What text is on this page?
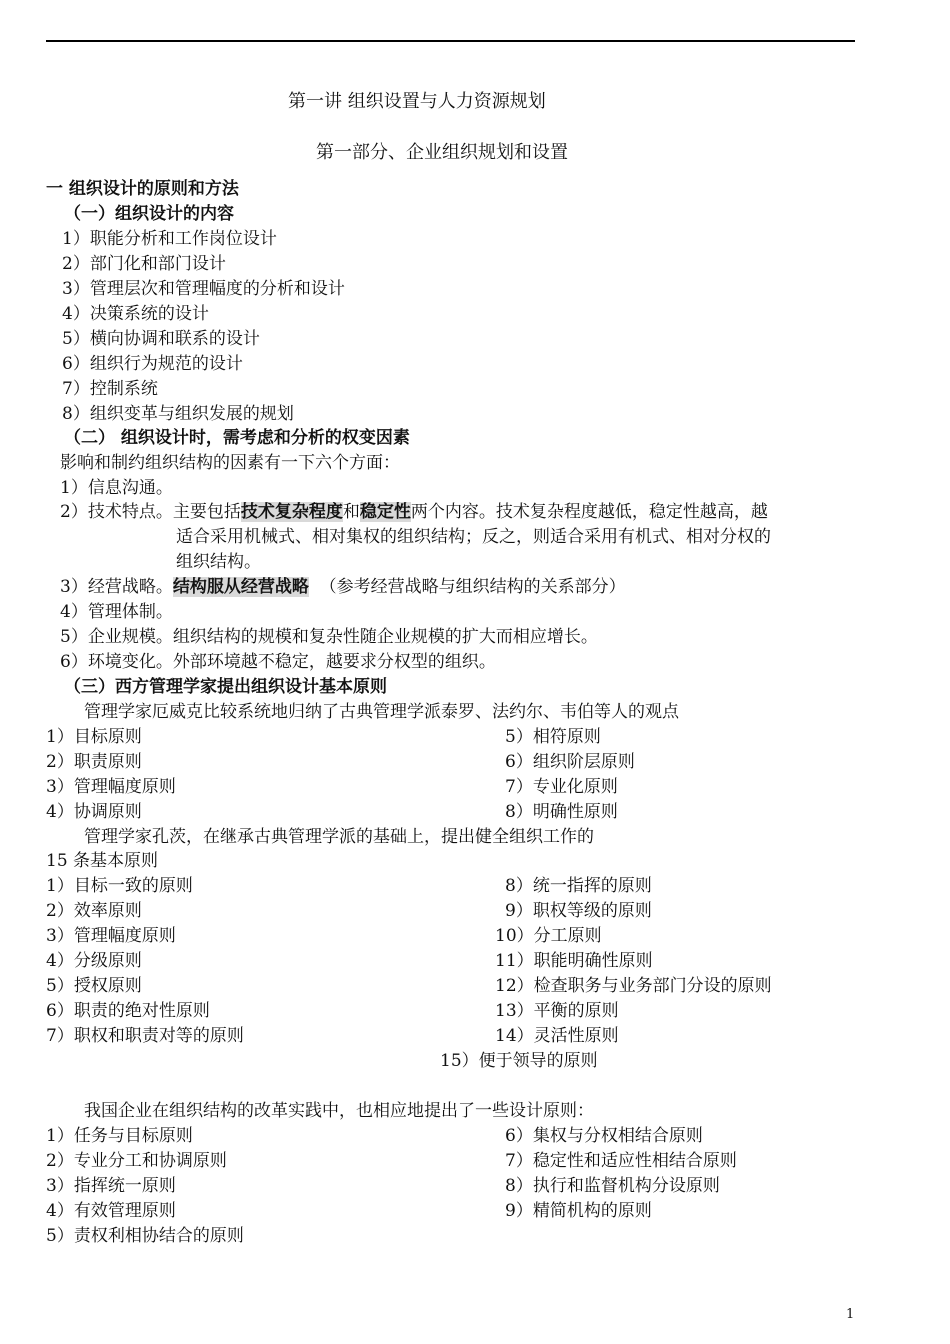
第一讲 组织设置与人力资源规划
第一部分、企业组织规划和设置
一 组织设计的原则和方法
（一）组织设计的内容
1）职能分析和工作岗位设计
2）部门化和部门设计
3）管理层次和管理幅度的分析和设计
4）决策系统的设计
5）横向协调和联系的设计
6）组织行为规范的设计
7）控制系统
8）组织变革与组织发展的规划
（二） 组织设计时，需考虑和分析的权变因素
影响和制约组织结构的因素有一下六个方面：
1）信息沟通。
2）技术特点。主要包括技术复杂程度和稳定性两个内容。技术复杂程度越低，稳定性越高，越
适合采用机械式、相对集权的组织结构；反之，则适合采用有机式、相对分权的
组织结构。
3）经营战略。结构服从经营战略 （参考经营战略与组织结构的关系部分）
4）管理体制。
5）企业规模。组织结构的规模和复杂性随企业规模的扩大而相应增长。
6）环境变化。外部环境越不稳定，越要求分权型的组织。
（三）西方管理学家提出组织设计基本原则
管理学家厄威克比较系统地归纳了古典管理学派泰罗、法约尔、韦伯等人的观点
1）目标原则
2）职责原则
3）管理幅度原则
4）协调原则
5）相符原则
6）组织阶层原则
7）专业化原则
8）明确性原则
管理学家孔茨，在继承古典管理学派的基础上，提出健全组织工作的
15 条基本原则
1）目标一致的原则
2）效率原则
3）管理幅度原则
4）分级原则
5）授权原则
6）职责的绝对性原则
7）职权和职责对等的原则
8）统一指挥的原则
9）职权等级的原则
10）分工原则
11）职能明确性原则
12）检查职务与业务部门分设的原则
13）平衡的原则
14）灵活性原则
15）便于领导的原则
我国企业在组织结构的改革实践中，也相应地提出了一些设计原则：
1）任务与目标原则
2）专业分工和协调原则
3）指挥统一原则
4）有效管理原则
5）责权利相协结合的原则
6）集权与分权相结合原则
7）稳定性和适应性相结合原则
8）执行和监督机构分设原则
9）精简机构的原则
1
